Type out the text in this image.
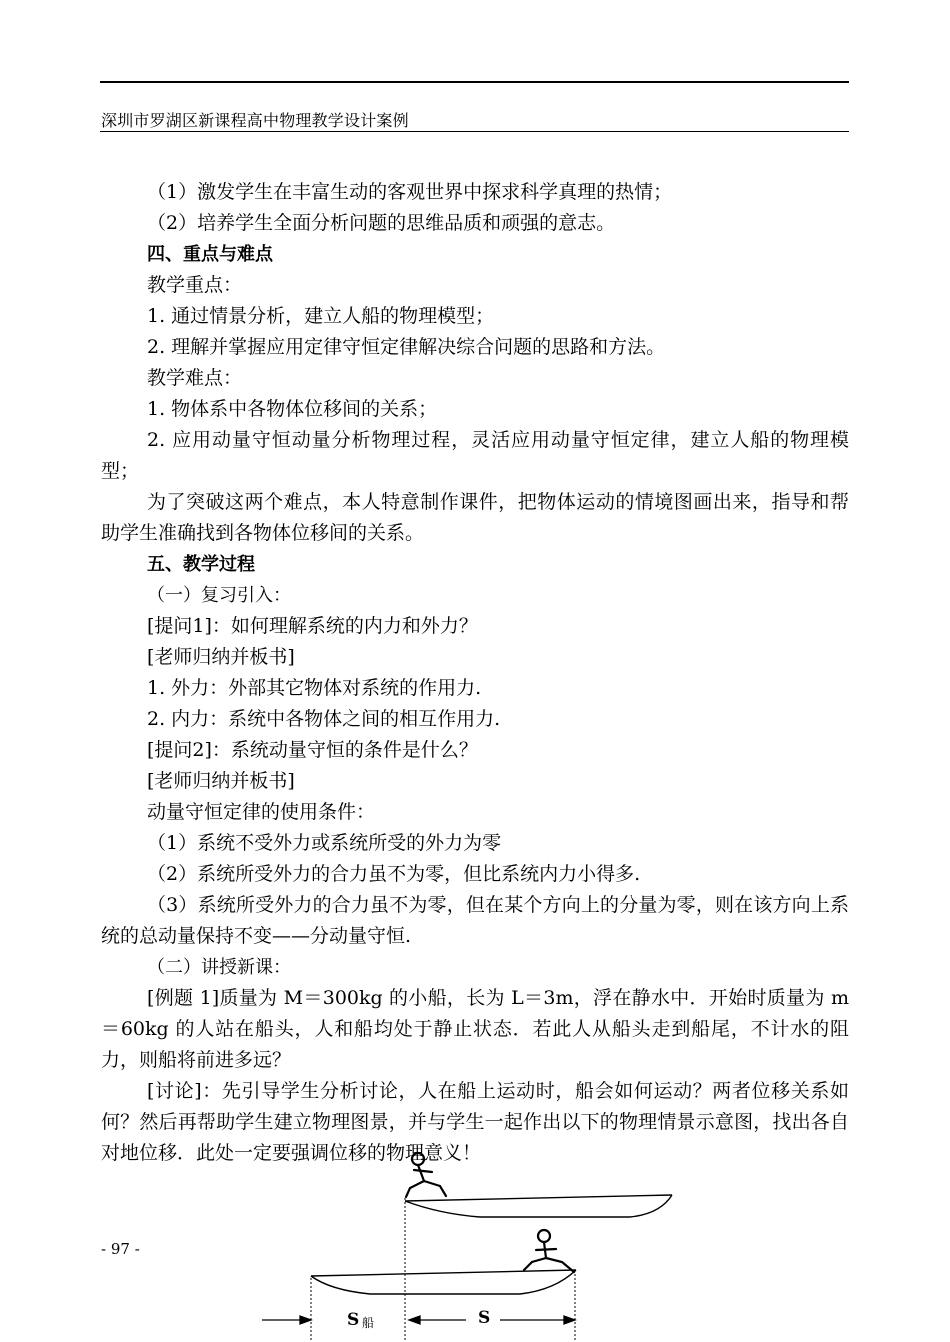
深圳市罗湖区新课程高中物理教学设计案例
（1）激发学生在丰富生动的客观世界中探求科学真理的热情；
（2）培养学生全面分析问题的思维品质和顽强的意志。
四、重点与难点
教学重点：
1. 通过情景分析，建立人船的物理模型；
2. 理解并掌握应用定律守恒定律解决综合问题的思路和方法。
教学难点：
1. 物体系中各物体位移间的关系；
2. 应用动量守恒动量分析物理过程，灵活应用动量守恒定律，建立人船的物理模型；
为了突破这两个难点，本人特意制作课件，把物体运动的情境图画出来，指导和帮助学生准确找到各物体位移间的关系。
五、教学过程
（一）复习引入：
[提问1]：如何理解系统的内力和外力？
[老师归纳并板书]
1. 外力：外部其它物体对系统的作用力.
2. 内力：系统中各物体之间的相互作用力.
[提问2]：系统动量守恒的条件是什么？
[老师归纳并板书]
动量守恒定律的使用条件：
（1）系统不受外力或系统所受的外力为零
（2）系统所受外力的合力虽不为零，但比系统内力小得多.
（3）系统所受外力的合力虽不为零，但在某个方向上的分量为零，则在该方向上系统的总动量保持不变——分动量守恒.
（二）讲授新课：
[例题 1]质量为 M＝300kg 的小船，长为 L＝3m，浮在静水中．开始时质量为 m＝60kg 的人站在船头，人和船均处于静止状态．若此人从船头走到船尾，不计水的阻力，则船将前进多远？
[讨论]：先引导学生分析讨论，人在船上运动时，船会如何运动？两者位移关系如何？然后再帮助学生建立物理图景，并与学生一起作出以下的物理情景示意图，找出各自对地位移．此处一定要强调位移的物理意义！
S 船	S
- 97 -
